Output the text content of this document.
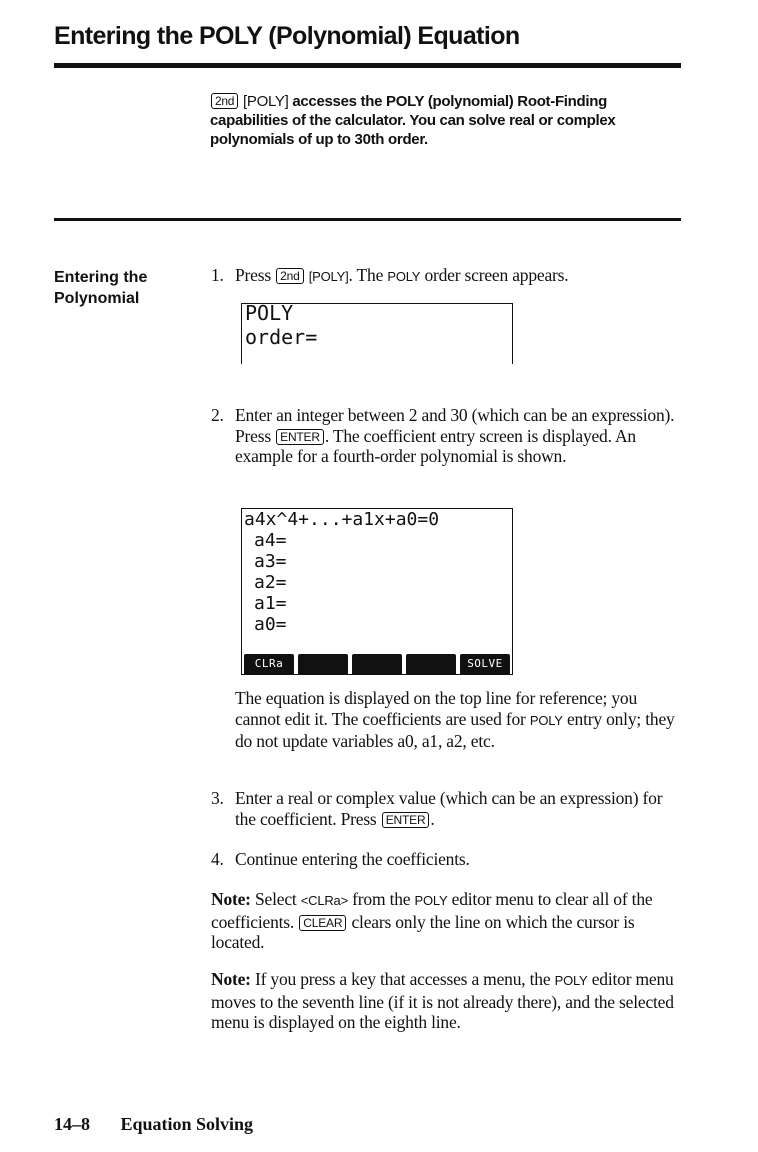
Entering the POLY (Polynomial) Equation
2nd [POLY] accesses the POLY (polynomial) Root-Finding capabilities of the calculator. You can solve real or complex polynomials of up to 30th order.
Entering the Polynomial
1. Press 2nd [POLY]. The POLY order screen appears.
POLY
order=
2. Enter an integer between 2 and 30 (which can be an expression). Press ENTER . The coefficient entry screen is displayed. An example for a fourth-order polynomial is shown.
a4x^4+...+a1x+a0=0
a4=
a3=
a2=
a1=
a0=
CLRa	SOLVE
The equation is displayed on the top line for reference; you cannot edit it. The coefficients are used for POLY entry only; they do not update variables a0, a1, a2, etc.
3. Enter a real or complex value (which can be an expression) for the coefficient. Press ENTER .
4. Continue entering the coefficients.
Note: Select <CLRa> from the POLY editor menu to clear all of the coefficients. CLEAR clears only the line on which the cursor is located.
Note: If you press a key that accesses a menu, the POLY editor menu moves to the seventh line (if it is not already there), and the selected menu is displayed on the eighth line.
14–8 Equation Solving
